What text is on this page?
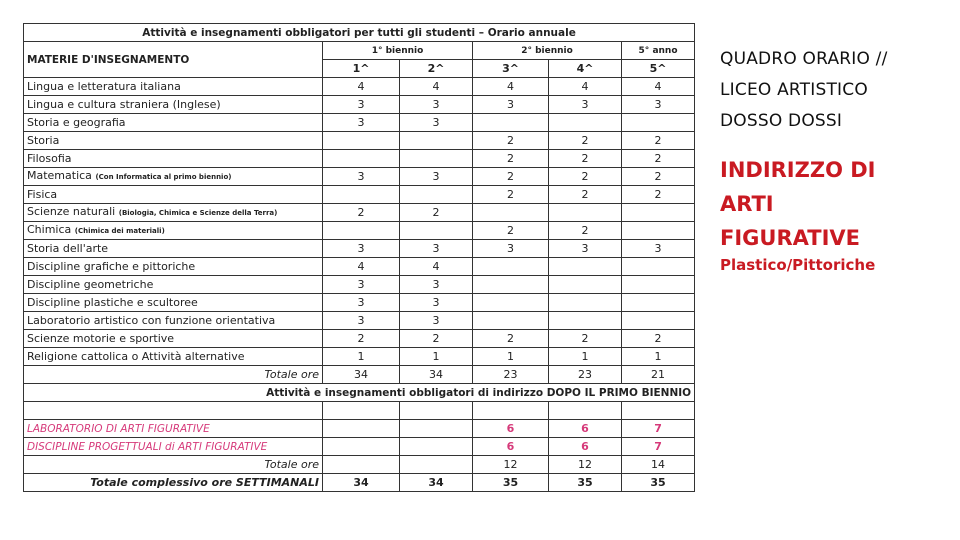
Attività e insegnamenti obbligatori per tutti gli studenti – Orario annuale					
MATERIE D'INSEGNAMENTO	1° biennio		2° biennio		5° anno
	1^	2^	3^	4^	5^
Lingua e letteratura italiana	4	4	4	4	4
Lingua e cultura straniera (Inglese)	3	3	3	3	3
Storia e geografia	3	3			
Storia			2	2	2
Filosofia			2	2	2
Matematica (Con Informatica al primo biennio)	3	3	2	2	2
Fisica			2	2	2
Scienze naturali (Biologia, Chimica e Scienze della Terra)	2	2			
Chimica (Chimica dei materiali)			2	2	
Storia dell'arte	3	3	3	3	3
Discipline grafiche e pittoriche	4	4			
Discipline geometriche	3	3			
Discipline plastiche e scultoree	3	3			
Laboratorio artistico con funzione orientativa	3	3			
Scienze motorie e sportive	2	2	2	2	2
Religione cattolica o Attività alternative	1	1	1	1	1
Totale ore	34	34	23	23	21
Attività e insegnamenti obbligatori di indirizzo DOPO IL PRIMO BIENNIO					

LABORATORIO DI ARTI FIGURATIVE			6	6	7
DISCIPLINE PROGETTUALI di ARTI FIGURATIVE			6	6	7
Totale ore			12	12	14
Totale complessivo ore SETTIMANALI	34	34	35	35	35
QUADRO ORARIO //
LICEO ARTISTICO
DOSSO DOSSI
INDIRIZZO DI
ARTI
FIGURATIVE
Plastico/Pittoriche
